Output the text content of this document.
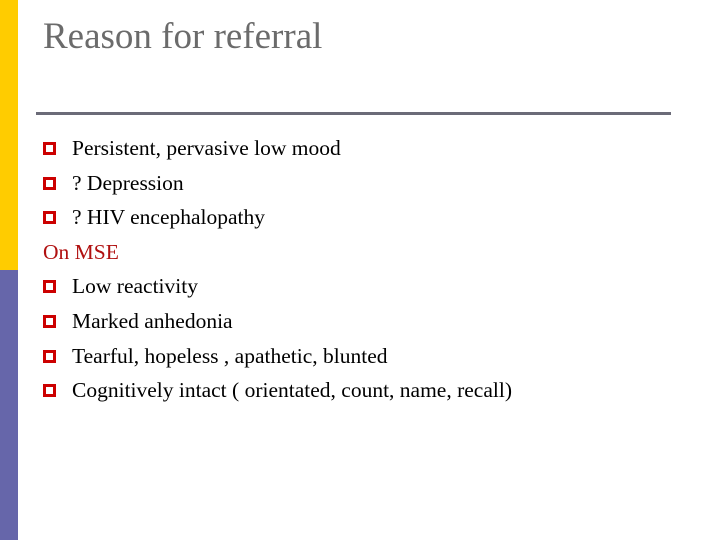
Reason for referral
Persistent, pervasive low mood
? Depression
? HIV encephalopathy
On MSE
Low reactivity
Marked anhedonia
Tearful, hopeless , apathetic, blunted
Cognitively intact ( orientated, count, name, recall)
